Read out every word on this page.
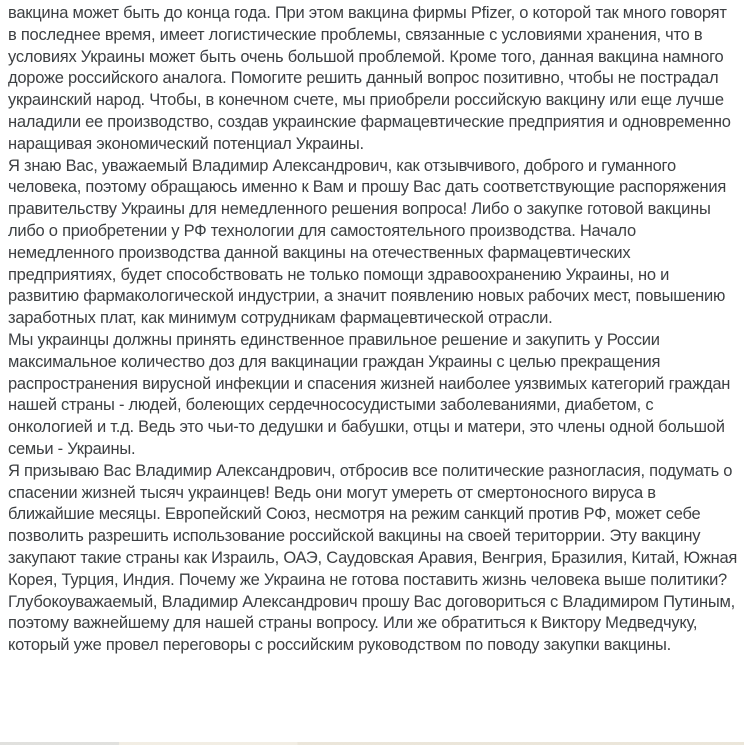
вакцина может быть до конца года. При этом вакцина фирмы Pfizer, о которой так много говорят в последнее время, имеет логистические проблемы, связанные с условиями хранения, что в условиях Украины может быть очень большой проблемой. Кроме того, данная вакцина намного дороже российского аналога. Помогите решить данный вопрос позитивно, чтобы не пострадал украинский народ. Чтобы, в конечном счете, мы приобрели российскую вакцину или еще лучше наладили ее производство, создав украинские фармацевтические предприятия и одновременно наращивая экономический потенциал Украины.

Я знаю Вас, уважаемый Владимир Александрович, как отзывчивого, доброго и гуманного человека, поэтому обращаюсь именно к Вам и прошу Вас дать соответствующие распоряжения правительству Украины для немедленного решения вопроса! Либо о закупке готовой вакцины либо о приобретении у РФ технологии для самостоятельного производства. Начало немедленного производства данной вакцины на отечественных фармацевтических предприятиях, будет способствовать не только помощи здравоохранению Украины, но и развитию фармакологической индустрии, а значит появлению новых рабочих мест, повышению заработных плат, как минимум сотрудникам фармацевтической отрасли.

Мы украинцы должны принять единственное правильное решение и закупить у России максимальное количество доз для вакцинации граждан Украины с целью прекращения распространения вирусной инфекции и спасения жизней наиболее уязвимых категорий граждан нашей страны - людей, болеющих сердечнососудистыми заболеваниями, диабетом, с онкологией и т.д. Ведь это чьи-то дедушки и бабушки, отцы и матери, это члены одной большой семьи - Украины.

Я призываю Вас Владимир Александрович, отбросив все политические разногласия, подумать о спасении жизней тысяч украинцев! Ведь они могут умереть от смертоносного вируса в ближайшие месяцы. Европейский Союз, несмотря на режим санкций против РФ, может себе позволить разрешить использование российской вакцины на своей територрии. Эту вакцину закупают такие страны как Израиль, ОАЭ, Саудовская Аравия, Венгрия, Бразилия, Китай, Южная Корея, Турция, Индия. Почему же Украина не готова поставить жизнь человека выше политики?

Глубокоуважаемый, Владимир Александрович прошу Вас договориться с Владимиром Путиным, поэтому важнейшему для нашей страны вопросу. Или же обратиться к Виктору Медведчуку, который уже провел переговоры с российским руководством по поводу закупки вакцины.
